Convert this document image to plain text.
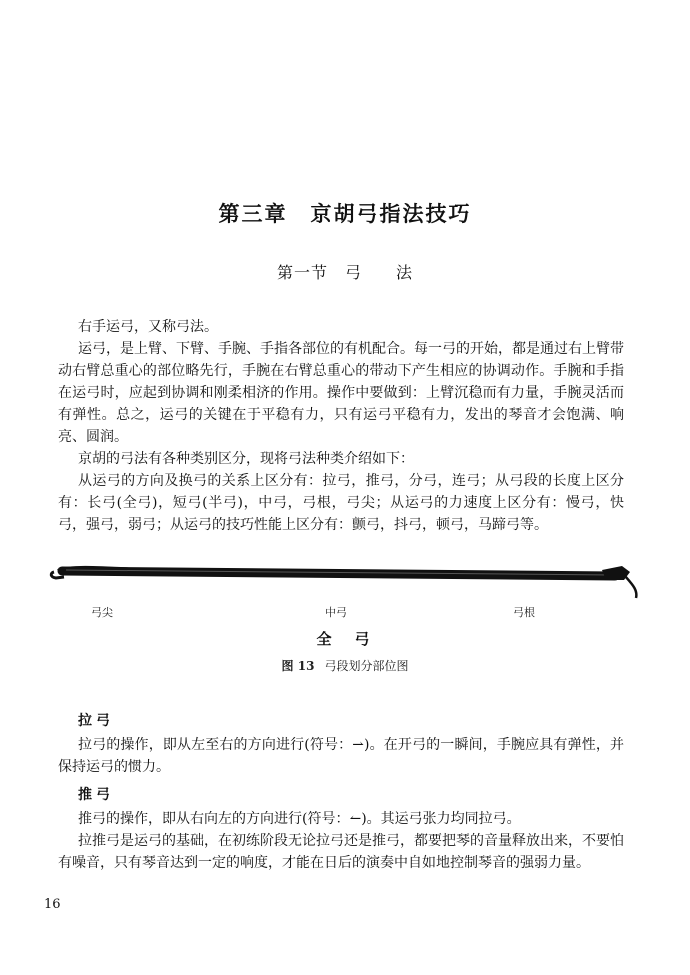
第三章　京胡弓指法技巧
第一节　弓　　法

右手运弓，又称弓法。

运弓，是上臂、下臂、手腕、手指各部位的有机配合。每一弓的开始，都是通过右上臂带动右臂总重心的部位略先行，手腕在右臂总重心的带动下产生相应的协调动作。手腕和手指在运弓时，应起到协调和刚柔相济的作用。操作中要做到：上臂沉稳而有力量，手腕灵活而有弹性。总之，运弓的关键在于平稳有力，只有运弓平稳有力，发出的琴音才会饱满、响亮、圆润。

京胡的弓法有各种类别区分，现将弓法种类介绍如下：

从运弓的方向及换弓的关系上区分有：拉弓，推弓，分弓，连弓；从弓段的长度上区分有：长弓(全弓)，短弓(半弓)，中弓，弓根，弓尖；从运弓的力速度上区分有：慢弓，快弓，强弓，弱弓；从运弓的技巧性能上区分有：颤弓，抖弓，顿弓，马蹄弓等。

弓尖	中弓	弓根
全　弓
图 13 弓段划分部位图
拉弓

拉弓的操作，即从左至右的方向进行(符号：⇀)。在开弓的一瞬间，手腕应具有弹性，并保持运弓的惯力。

推弓

推弓的操作，即从右向左的方向进行(符号：↼)。其运弓张力均同拉弓。

拉推弓是运弓的基础，在初练阶段无论拉弓还是推弓，都要把琴的音量释放出来，不要怕有噪音，只有琴音达到一定的响度，才能在日后的演奏中自如地控制琴音的强弱力量。

16
